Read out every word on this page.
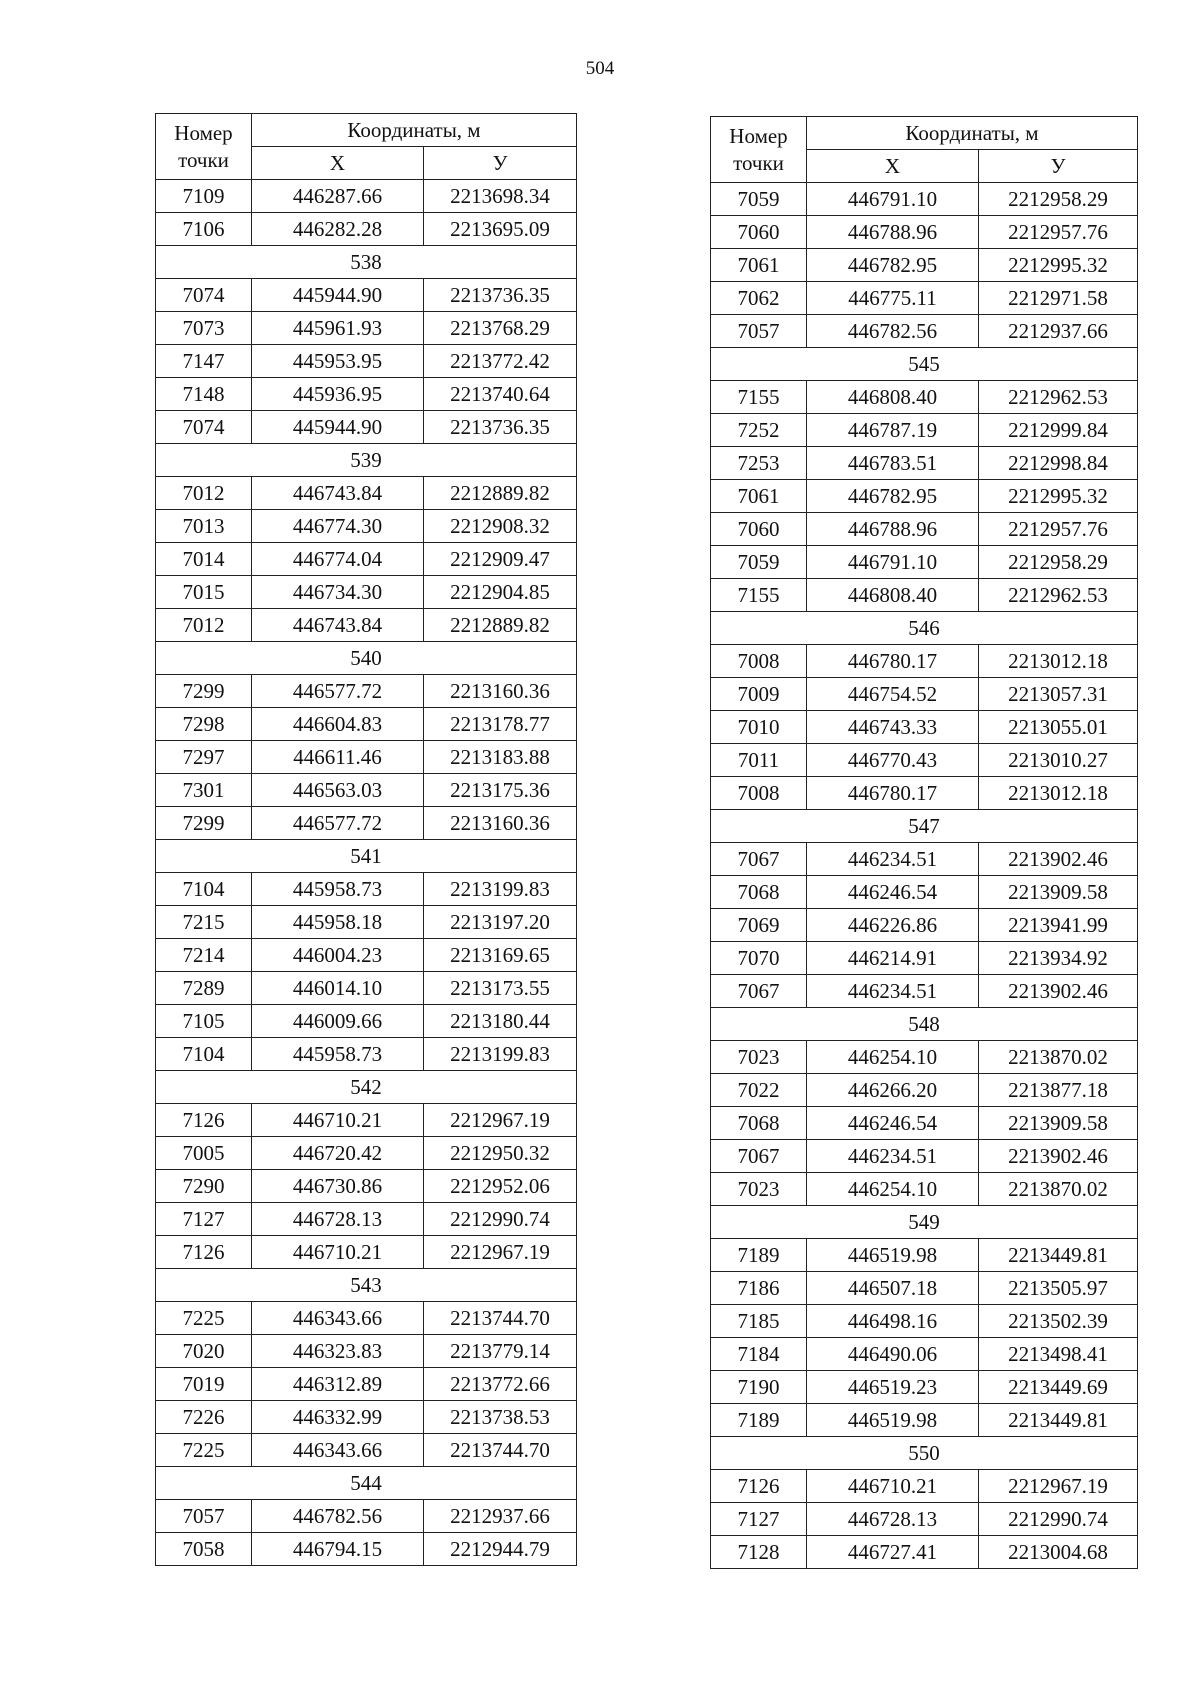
504
Номер точки	Координаты, м	
	X	У
7109	446287.66	2213698.34
7106	446282.28	2213695.09
538		
7074	445944.90	2213736.35
7073	445961.93	2213768.29
7147	445953.95	2213772.42
7148	445936.95	2213740.64
7074	445944.90	2213736.35
539		
7012	446743.84	2212889.82
7013	446774.30	2212908.32
7014	446774.04	2212909.47
7015	446734.30	2212904.85
7012	446743.84	2212889.82
540		
7299	446577.72	2213160.36
7298	446604.83	2213178.77
7297	446611.46	2213183.88
7301	446563.03	2213175.36
7299	446577.72	2213160.36
541		
7104	445958.73	2213199.83
7215	445958.18	2213197.20
7214	446004.23	2213169.65
7289	446014.10	2213173.55
7105	446009.66	2213180.44
7104	445958.73	2213199.83
542		
7126	446710.21	2212967.19
7005	446720.42	2212950.32
7290	446730.86	2212952.06
7127	446728.13	2212990.74
7126	446710.21	2212967.19
543		
7225	446343.66	2213744.70
7020	446323.83	2213779.14
7019	446312.89	2213772.66
7226	446332.99	2213738.53
7225	446343.66	2213744.70
544		
7057	446782.56	2212937.66
7058	446794.15	2212944.79
Номер точки	Координаты, м	
	X	У
7059	446791.10	2212958.29
7060	446788.96	2212957.76
7061	446782.95	2212995.32
7062	446775.11	2212971.58
7057	446782.56	2212937.66
545		
7155	446808.40	2212962.53
7252	446787.19	2212999.84
7253	446783.51	2212998.84
7061	446782.95	2212995.32
7060	446788.96	2212957.76
7059	446791.10	2212958.29
7155	446808.40	2212962.53
546		
7008	446780.17	2213012.18
7009	446754.52	2213057.31
7010	446743.33	2213055.01
7011	446770.43	2213010.27
7008	446780.17	2213012.18
547		
7067	446234.51	2213902.46
7068	446246.54	2213909.58
7069	446226.86	2213941.99
7070	446214.91	2213934.92
7067	446234.51	2213902.46
548		
7023	446254.10	2213870.02
7022	446266.20	2213877.18
7068	446246.54	2213909.58
7067	446234.51	2213902.46
7023	446254.10	2213870.02
549		
7189	446519.98	2213449.81
7186	446507.18	2213505.97
7185	446498.16	2213502.39
7184	446490.06	2213498.41
7190	446519.23	2213449.69
7189	446519.98	2213449.81
550		
7126	446710.21	2212967.19
7127	446728.13	2212990.74
7128	446727.41	2213004.68
